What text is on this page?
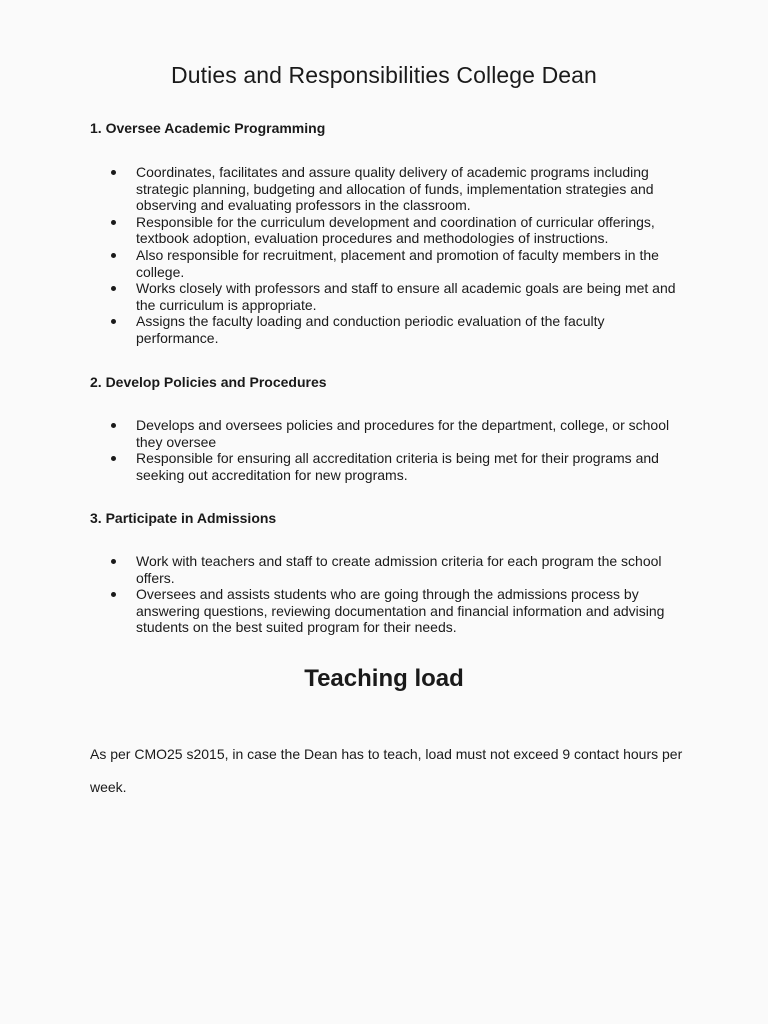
Duties and Responsibilities College Dean
1. Oversee Academic Programming
Coordinates, facilitates and assure quality delivery of academic programs including strategic planning, budgeting and allocation of funds, implementation strategies and observing and evaluating professors in the classroom.
Responsible for the curriculum development and coordination of curricular offerings, textbook adoption, evaluation procedures and methodologies of instructions.
Also responsible for recruitment, placement and promotion of faculty members in the college.
Works closely with professors and staff to ensure all academic goals are being met and the curriculum is appropriate.
Assigns the faculty loading and conduction periodic evaluation of the faculty performance.
2. Develop Policies and Procedures
Develops and oversees policies and procedures for the department, college, or school they oversee
Responsible for ensuring all accreditation criteria is being met for their programs and seeking out accreditation for new programs.
3. Participate in Admissions
Work with teachers and staff to create admission criteria for each program the school offers.
Oversees and assists students who are going through the admissions process by answering questions, reviewing documentation and financial information and advising students on the best suited program for their needs.
Teaching load

As per CMO25 s2015, in case the Dean has to teach, load must not exceed 9 contact hours per week.
